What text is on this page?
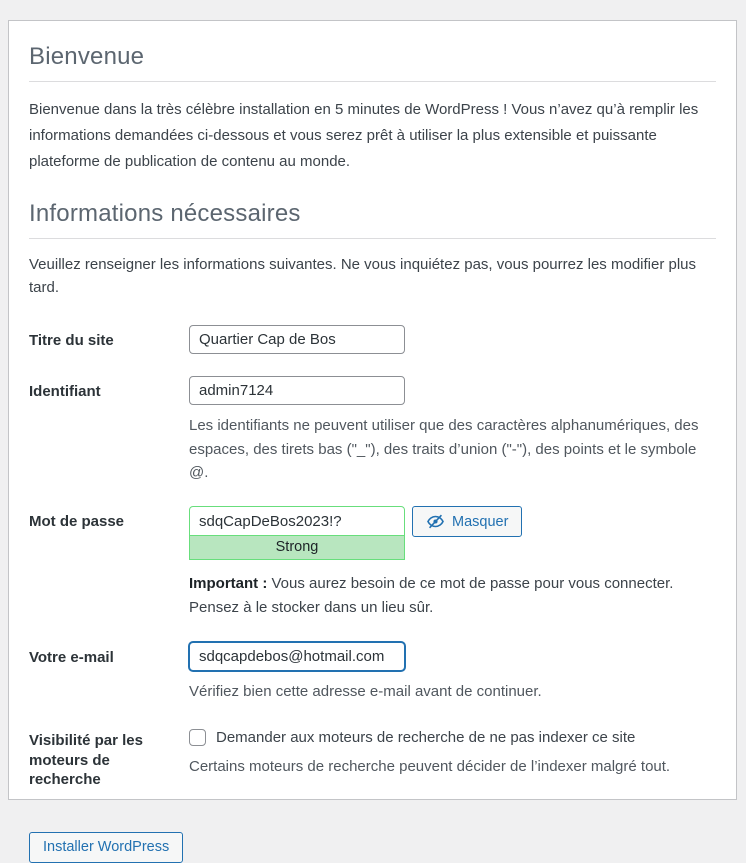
Bienvenue

Bienvenue dans la très célèbre installation en 5 minutes de WordPress ! Vous n’avez qu’à remplir les informations demandées ci-dessous et vous serez prêt à utiliser la plus extensible et puissante plateforme de publication de contenu au monde.

Informations nécessaires

Veuillez renseigner les informations suivantes. Ne vous inquiétez pas, vous pourrez les modifier plus tard.

Titre du site
Quartier Cap de Bos
Identifiant
admin7124

Les identifiants ne peuvent utiliser que des caractères alphanumériques, des espaces, des tirets bas ("_"), des traits d’union ("-"), des points et le symbole @.

Mot de passe
sdqCapDeBos2023!?
Strong
Masquer

Important : Vous aurez besoin de ce mot de passe pour vous connecter. Pensez à le stocker dans un lieu sûr.

Votre e-mail
sdqcapdebos@hotmail.com

Vérifiez bien cette adresse e-mail avant de continuer.

Visibilité par les moteurs de recherche
Demander aux moteurs de recherche de ne pas indexer ce site

Certains moteurs de recherche peuvent décider de l’indexer malgré tout.

Installer WordPress
